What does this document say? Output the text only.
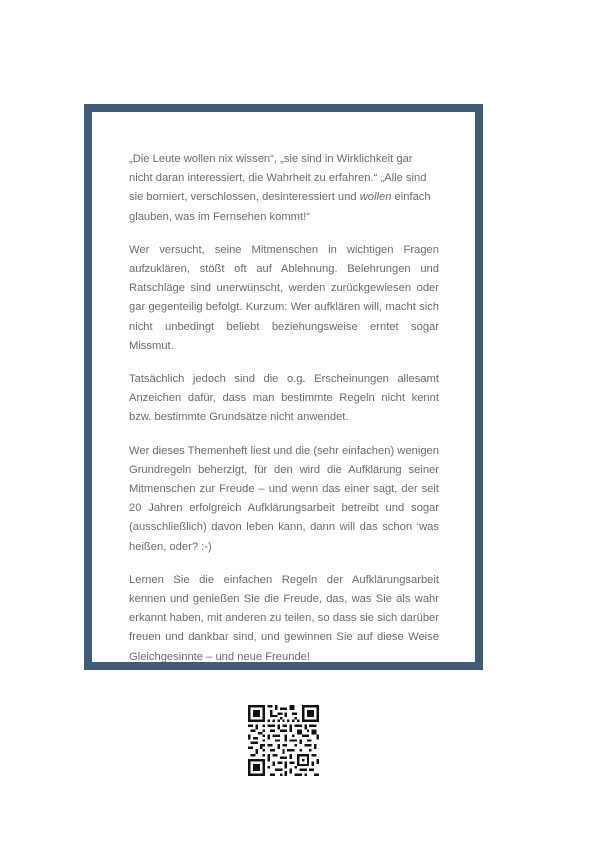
„Die Leute wollen nix wissen“, „sie sind in Wirklichkeit gar nicht daran interessiert, die Wahrheit zu erfahren.“ „Alle sind sie borniert, verschlossen, desinteressiert und wollen einfach glauben, was im Fernsehen kommt!“

Wer versucht, seine Mitmenschen in wichtigen Fragen aufzuklären, stößt oft auf Ablehnung. Belehrungen und Ratschläge sind unerwünscht, werden zurückgewiesen oder gar gegenteilig befolgt. Kurzum: Wer aufklären will, macht sich nicht unbedingt beliebt beziehungsweise erntet sogar Missmut.

Tatsächlich jedoch sind die o.g. Erscheinungen allesamt Anzeichen dafür, dass man bestimmte Regeln nicht kennt bzw. bestimmte Grundsätze nicht anwendet.

Wer dieses Themenheft liest und die (sehr einfachen) wenigen Grundregeln beherzigt, für den wird die Aufklärung seiner Mitmenschen zur Freude – und wenn das einer sagt, der seit 20 Jahren erfolgreich Aufklärungsarbeit betreibt und sogar (ausschließlich) davon leben kann, dann will das schon ‘was heißen, oder? :-)

Lernen Sie die einfachen Regeln der Aufklärungsarbeit kennen und genießen Sie die Freude, das, was Sie als wahr erkannt haben, mit anderen zu teilen, so dass sie sich darüber freuen und dankbar sind, und gewinnen Sie auf diese Weise Gleichgesinnte – und neue Freunde!
